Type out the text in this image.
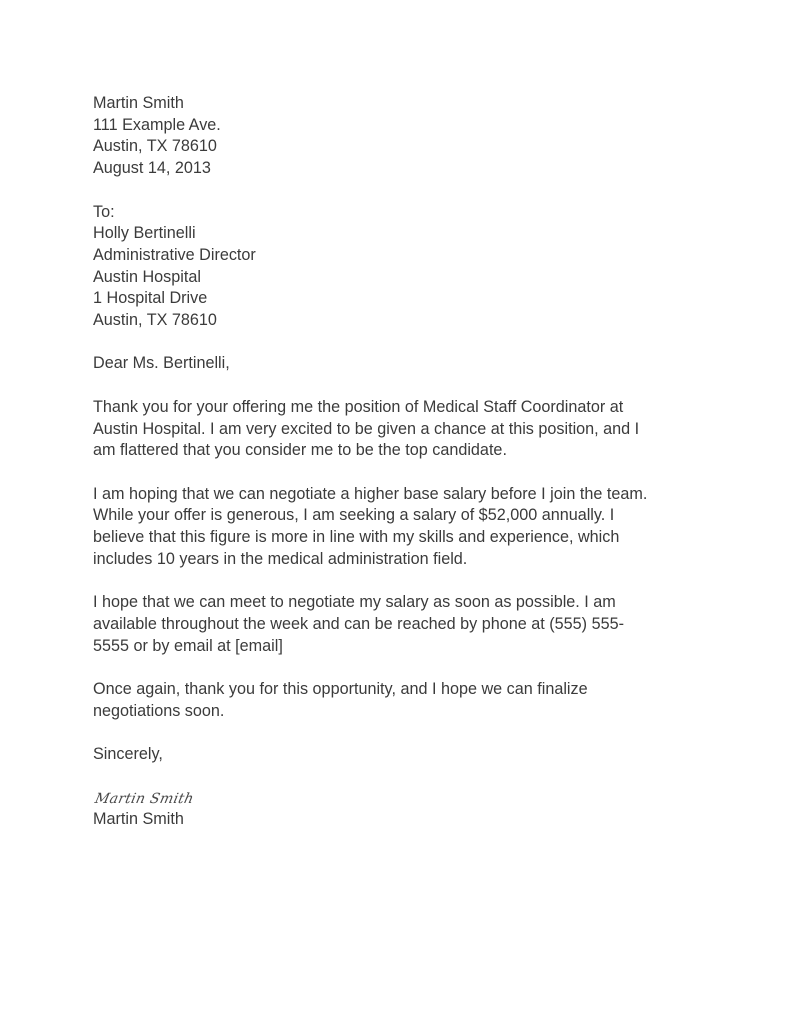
Martin Smith
111 Example Ave.
Austin, TX 78610
August 14, 2013
To:
Holly Bertinelli
Administrative Director
Austin Hospital
1 Hospital Drive
Austin, TX 78610
Dear Ms. Bertinelli,
Thank you for your offering me the position of Medical Staff Coordinator at
Austin Hospital. I am very excited to be given a chance at this position, and I
am flattered that you consider me to be the top candidate.
I am hoping that we can negotiate a higher base salary before I join the team.
While your offer is generous, I am seeking a salary of $52,000 annually. I
believe that this figure is more in line with my skills and experience, which
includes 10 years in the medical administration field.
I hope that we can meet to negotiate my salary as soon as possible. I am
available throughout the week and can be reached by phone at (555) 555-
5555 or by email at [email]
Once again, thank you for this opportunity, and I hope we can finalize
negotiations soon.
Sincerely,
Martin Smith
Martin Smith
